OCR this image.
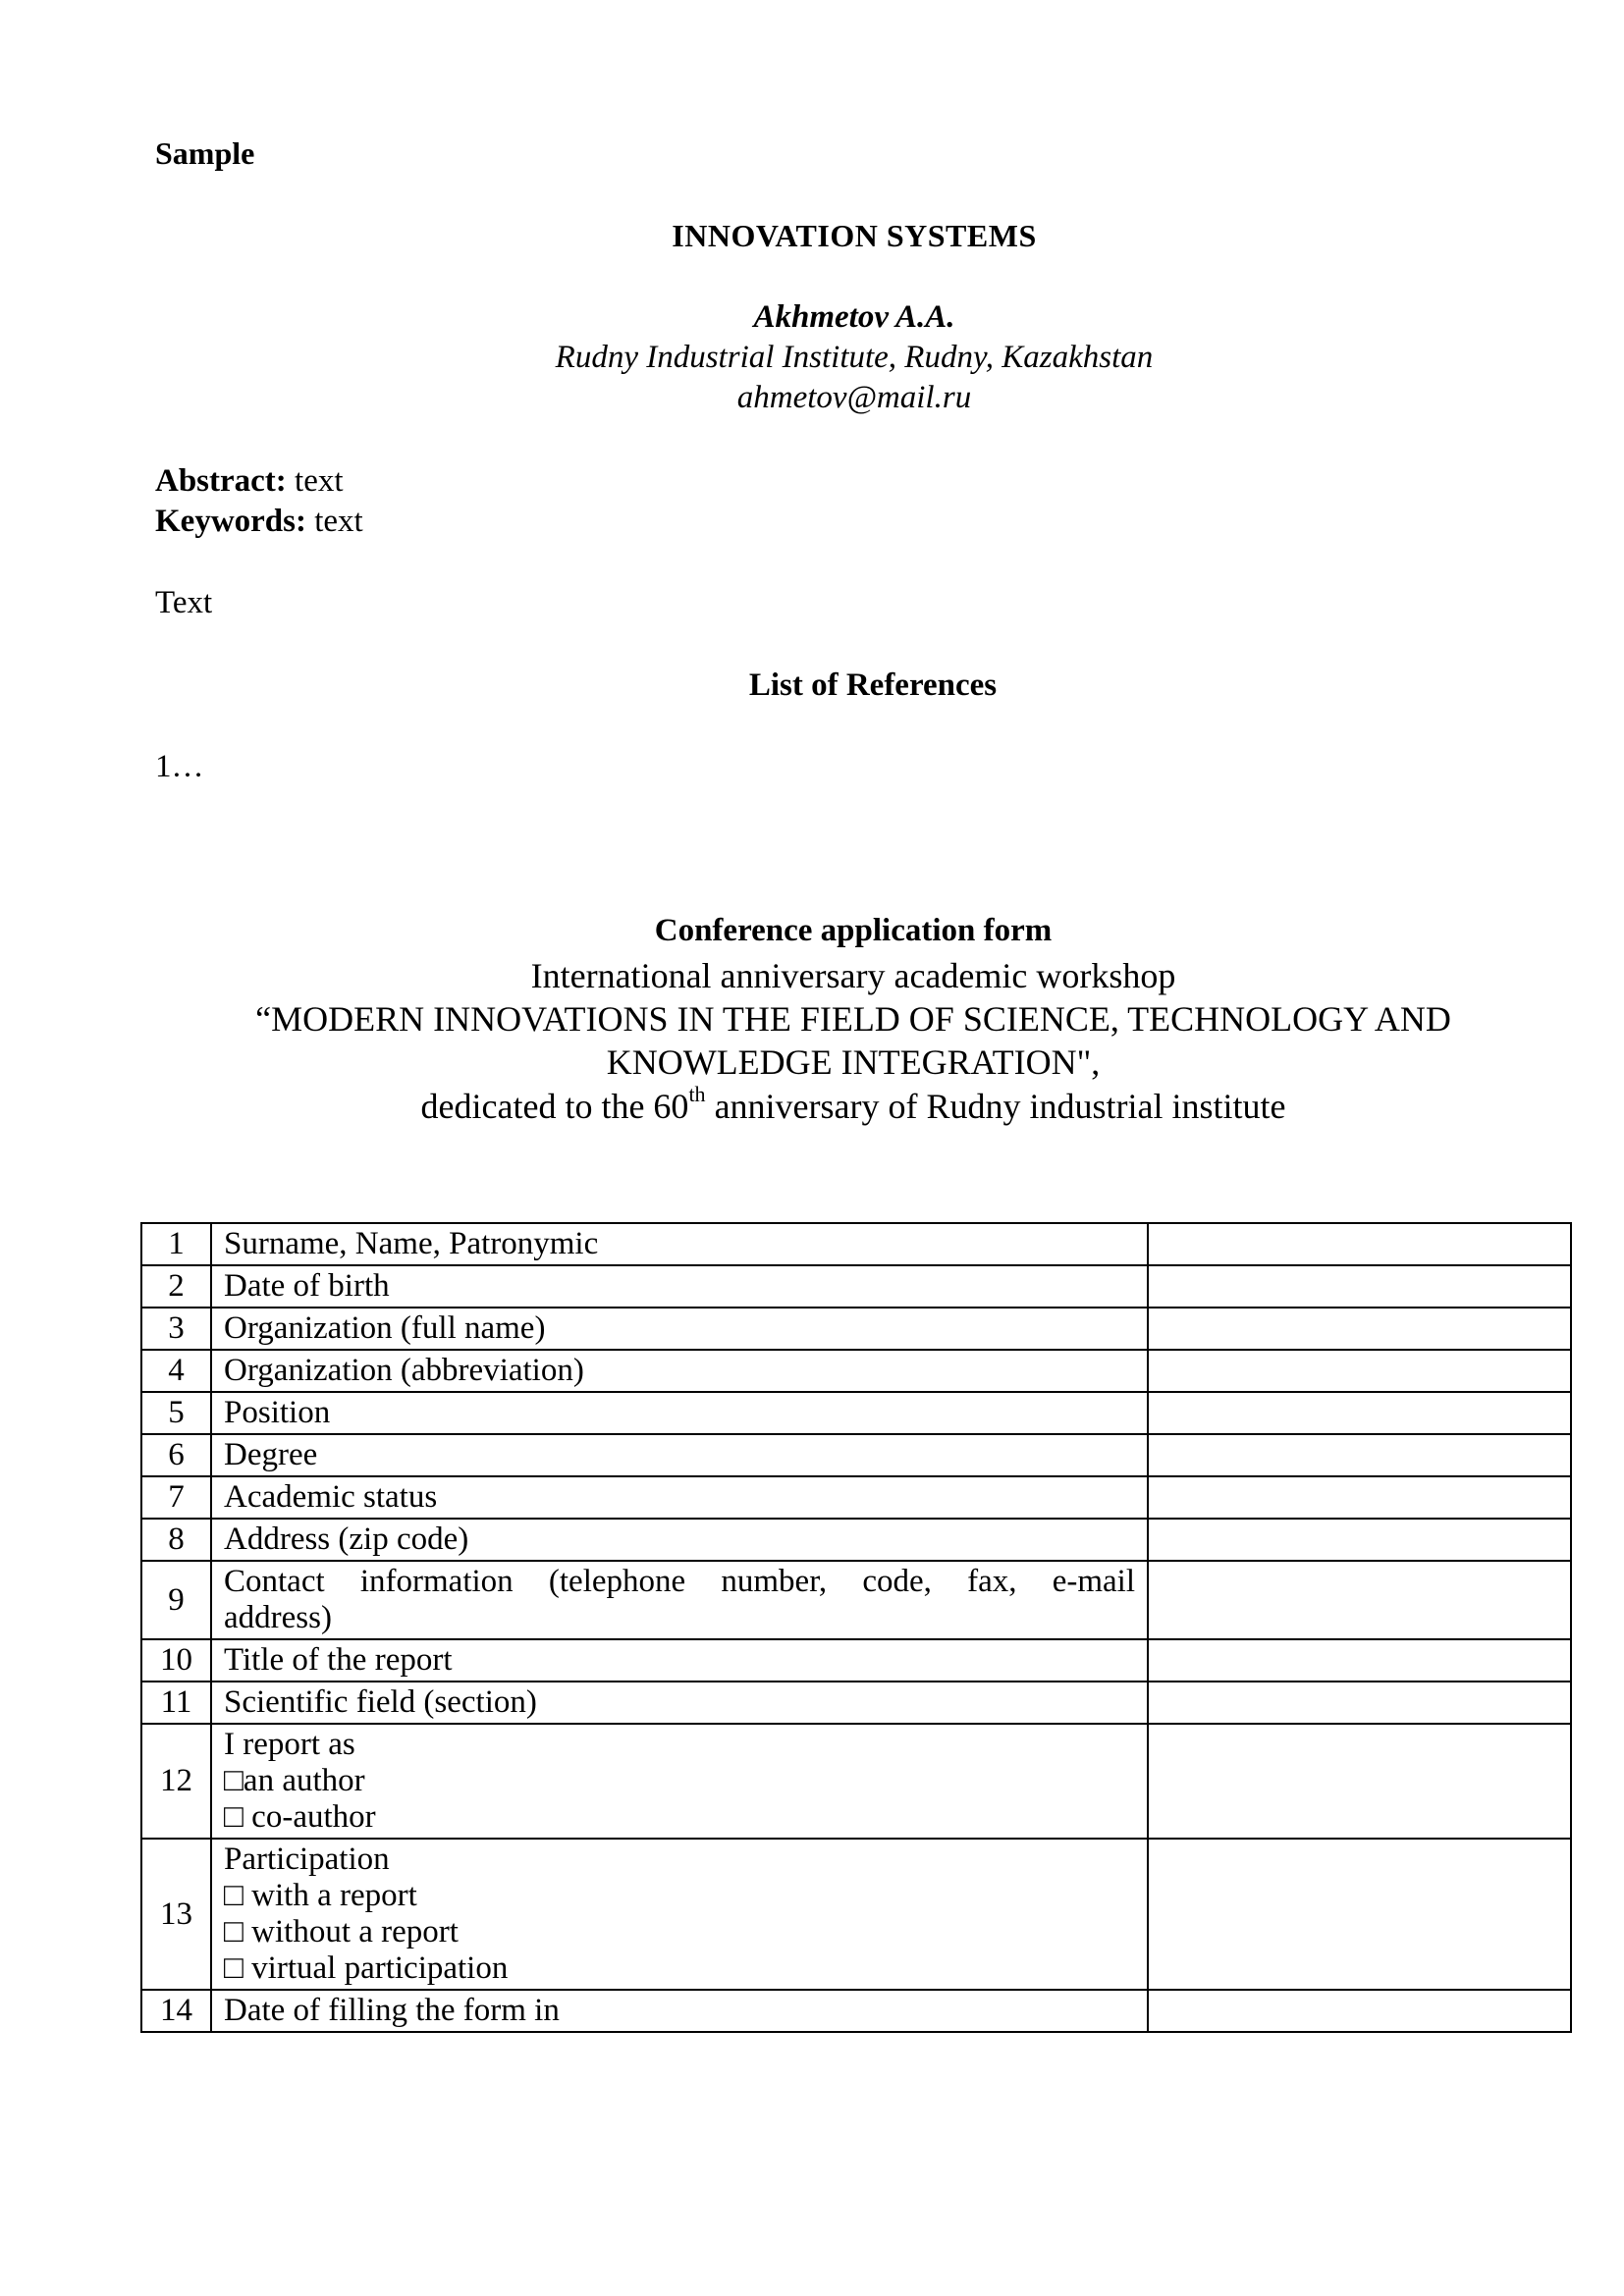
Sample
INNOVATION SYSTEMS
Akhmetov A.A.
Rudny Industrial Institute, Rudny, Kazakhstan
ahmetov@mail.ru
Abstract: text
Keywords: text
Text
List of References
1…
Conference application form
International anniversary academic workshop
“MODERN INNOVATIONS IN THE FIELD OF SCIENCE, TECHNOLOGY AND
KNOWLEDGE INTEGRATION",
dedicated to the 60th anniversary of Rudny industrial institute
1	Surname, Name, Patronymic	
2	Date of birth	
3	Organization (full name)	
4	Organization (abbreviation)	
5	Position	
6	Degree	
7	Academic status	
8	Address (zip code)	
9	Contact information (telephone number, code, fax, e-mail
address)	

10	Title of the report	
11	Scientific field (section)	
12	I report as
□an author
□ co-author	

13	Participation
□ with a report
□ without a report
□ virtual participation	

14	Date of filling the form in	
